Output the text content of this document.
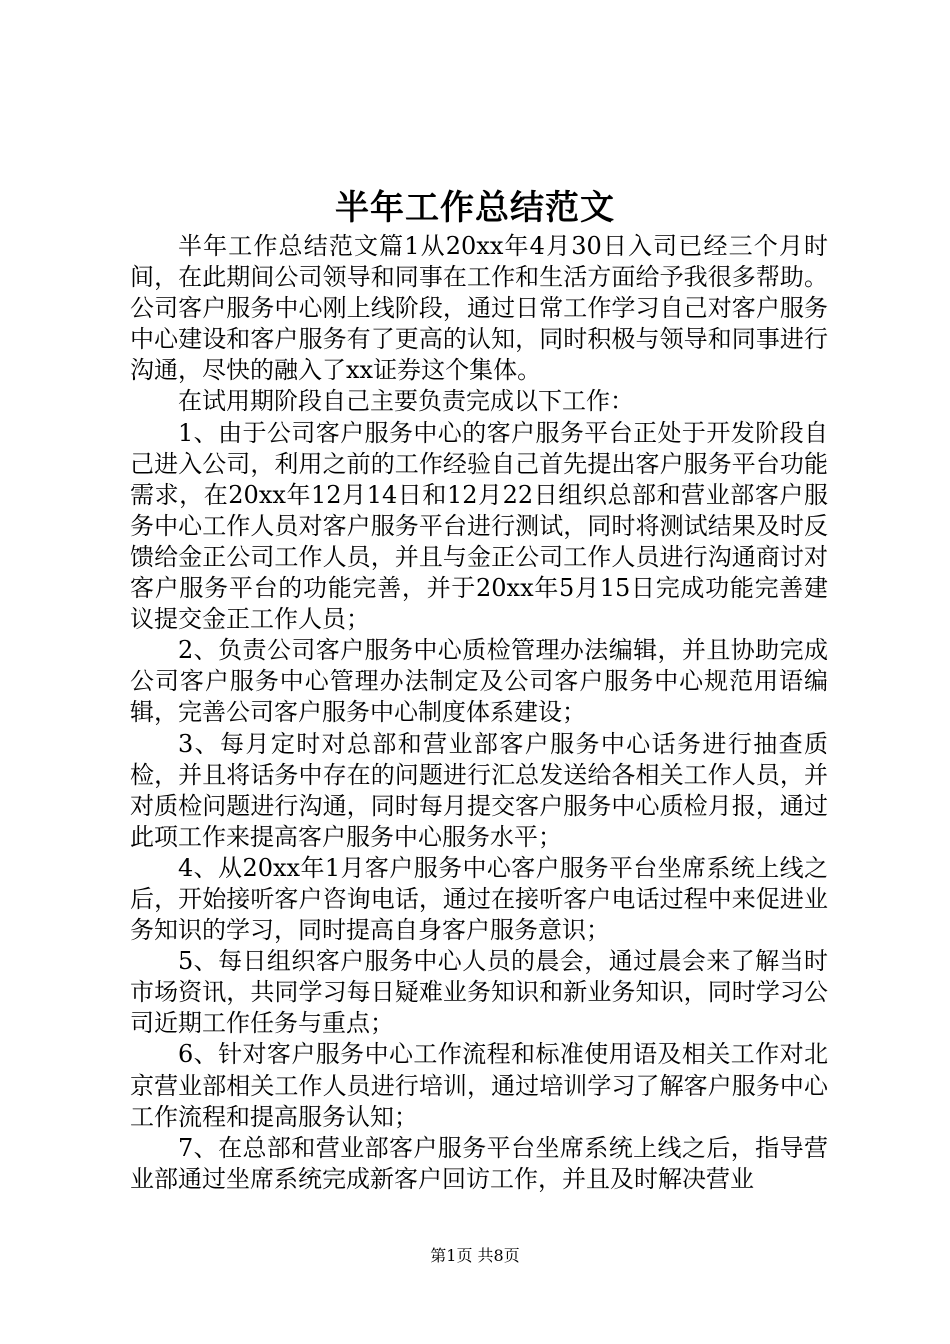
半年工作总结范文

半年工作总结范文篇1从20xx年4月30日入司已经三个月时间，在此期间公司领导和同事在工作和生活方面给予我很多帮助。公司客户服务中心刚上线阶段，通过日常工作学习自己对客户服务中心建设和客户服务有了更高的认知，同时积极与领导和同事进行沟通，尽快的融入了xx证券这个集体。

在试用期阶段自己主要负责完成以下工作：

1、由于公司客户服务中心的客户服务平台正处于开发阶段自己进入公司，利用之前的工作经验自己首先提出客户服务平台功能需求，在20xx年12月14日和12月22日组织总部和营业部客户服务中心工作人员对客户服务平台进行测试，同时将测试结果及时反馈给金正公司工作人员，并且与金正公司工作人员进行沟通商讨对客户服务平台的功能完善，并于20xx年5月15日完成功能完善建议提交金正工作人员；

2、负责公司客户服务中心质检管理办法编辑，并且协助完成公司客户服务中心管理办法制定及公司客户服务中心规范用语编辑，完善公司客户服务中心制度体系建设；

3、每月定时对总部和营业部客户服务中心话务进行抽查质检，并且将话务中存在的问题进行汇总发送给各相关工作人员，并对质检问题进行沟通，同时每月提交客户服务中心质检月报，通过此项工作来提高客户服务中心服务水平；

4、从20xx年1月客户服务中心客户服务平台坐席系统上线之后，开始接听客户咨询电话，通过在接听客户电话过程中来促进业务知识的学习，同时提高自身客户服务意识；

5、每日组织客户服务中心人员的晨会，通过晨会来了解当时市场资讯，共同学习每日疑难业务知识和新业务知识，同时学习公司近期工作任务与重点；

6、针对客户服务中心工作流程和标准使用语及相关工作对北京营业部相关工作人员进行培训，通过培训学习了解客户服务中心工作流程和提高服务认知；

7、在总部和营业部客户服务平台坐席系统上线之后，指导营业部通过坐席系统完成新客户回访工作，并且及时解决营业

第1页 共8页
